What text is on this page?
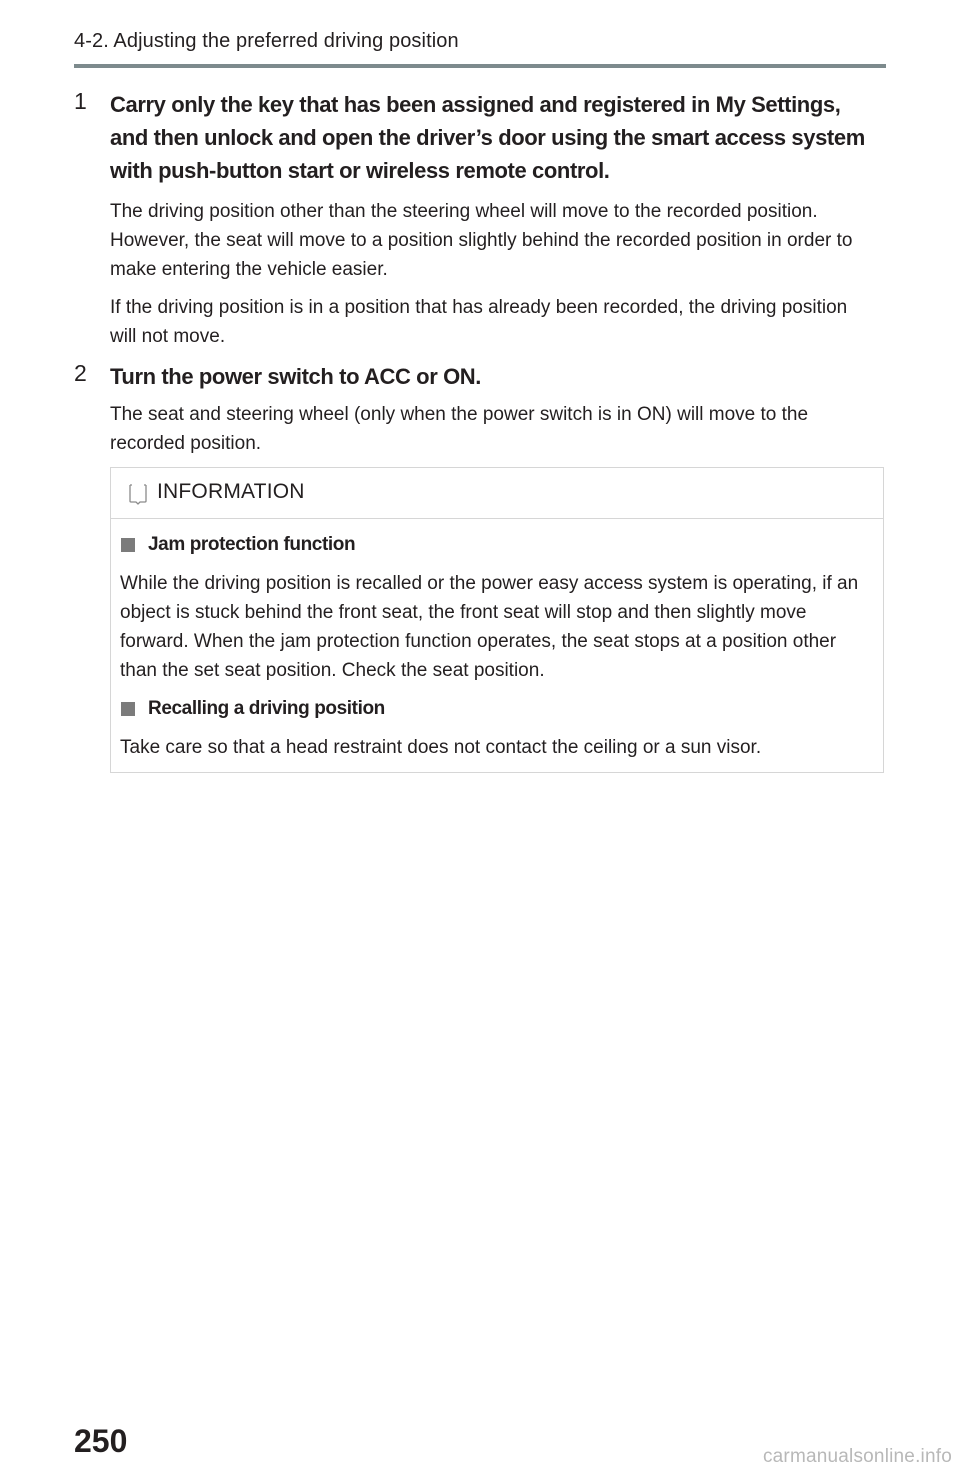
4-2. Adjusting the preferred driving position
1 Carry only the key that has been assigned and registered in My Settings, and then unlock and open the driver’s door using the smart access system with push-button start or wireless remote control.

The driving position other than the steering wheel will move to the recorded position. However, the seat will move to a position slightly behind the recorded position in order to make entering the vehicle easier.

If the driving position is in a position that has already been recorded, the driving position will not move.

2 Turn the power switch to ACC or ON.

The seat and steering wheel (only when the power switch is in ON) will move to the recorded position.

INFORMATION
Jam protection function

While the driving position is recalled or the power easy access system is operating, if an object is stuck behind the front seat, the front seat will stop and then slightly move forward. When the jam protection function operates, the seat stops at a position other than the set seat position. Check the seat position.

Recalling a driving position

Take care so that a head restraint does not contact the ceiling or a sun visor.

250	carmanualsonline.info
